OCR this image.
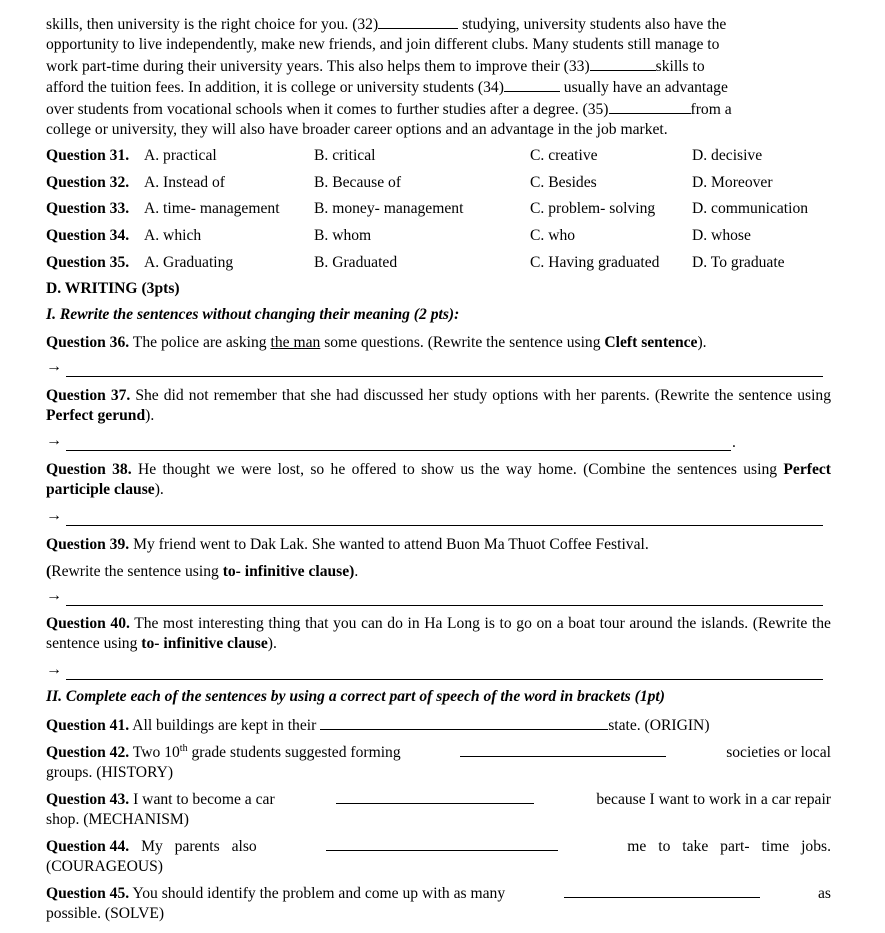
skills, then university is the right choice for you. (32)	studying, university students also have the
opportunity to live independently, make new friends, and join different clubs. Many students still manage to
work part-time during their university years. This also helps them to improve their (33)	skills to
afford the tuition fees. In addition, it is college or university students (34)	usually have an advantage
over students from vocational schools when it comes to further studies after a degree. (35)	from a
college or university, they will also have broader career options and an advantage in the job market.
Question 31. A. practical	B. critical	C. creative	D. decisive
Question 32. A. Instead of	B. Because of	C. Besides	D. Moreover
Question 33. A. time- management B. money- management	C. problem- solving D. communication
Question 34. A. which	B. whom	C. who	D. whose
Question 35. A. Graduating	B. Graduated	C. Having graduated D. To graduate
D. WRITING (3pts)
I. Rewrite the sentences without changing their meaning (2 pts):
Question 36. The police are asking the man some questions. (Rewrite the sentence using Cleft sentence).
→
Question 37. She did not remember that she had discussed her study options with her parents. (Rewrite the sentence using Perfect gerund).
→	.
Question 38. He thought we were lost, so he offered to show us the way home. (Combine the sentences using Perfect participle clause).
→
Question 39. My friend went to Dak Lak. She wanted to attend Buon Ma Thuot Coffee Festival.
(Rewrite the sentence using to- infinitive clause).
→
Question 40. The most interesting thing that you can do in Ha Long is to go on a boat tour around the islands. (Rewrite the sentence using to- infinitive clause).
→
II. Complete each of the sentences by using a correct part of speech of the word in brackets (1pt)
Question 41. All buildings are kept in their	state. (ORIGIN)
Question 42. Two 10th grade students suggested forming	societies or local
groups. (HISTORY)
Question 43. I want to become a car	because I want to work in a car repair
shop. (MECHANISM)
Question 44. My parents also	me to take part- time jobs.
(COURAGEOUS)
Question 45. You should identify the problem and come up with as many	as
possible. (SOLVE)
